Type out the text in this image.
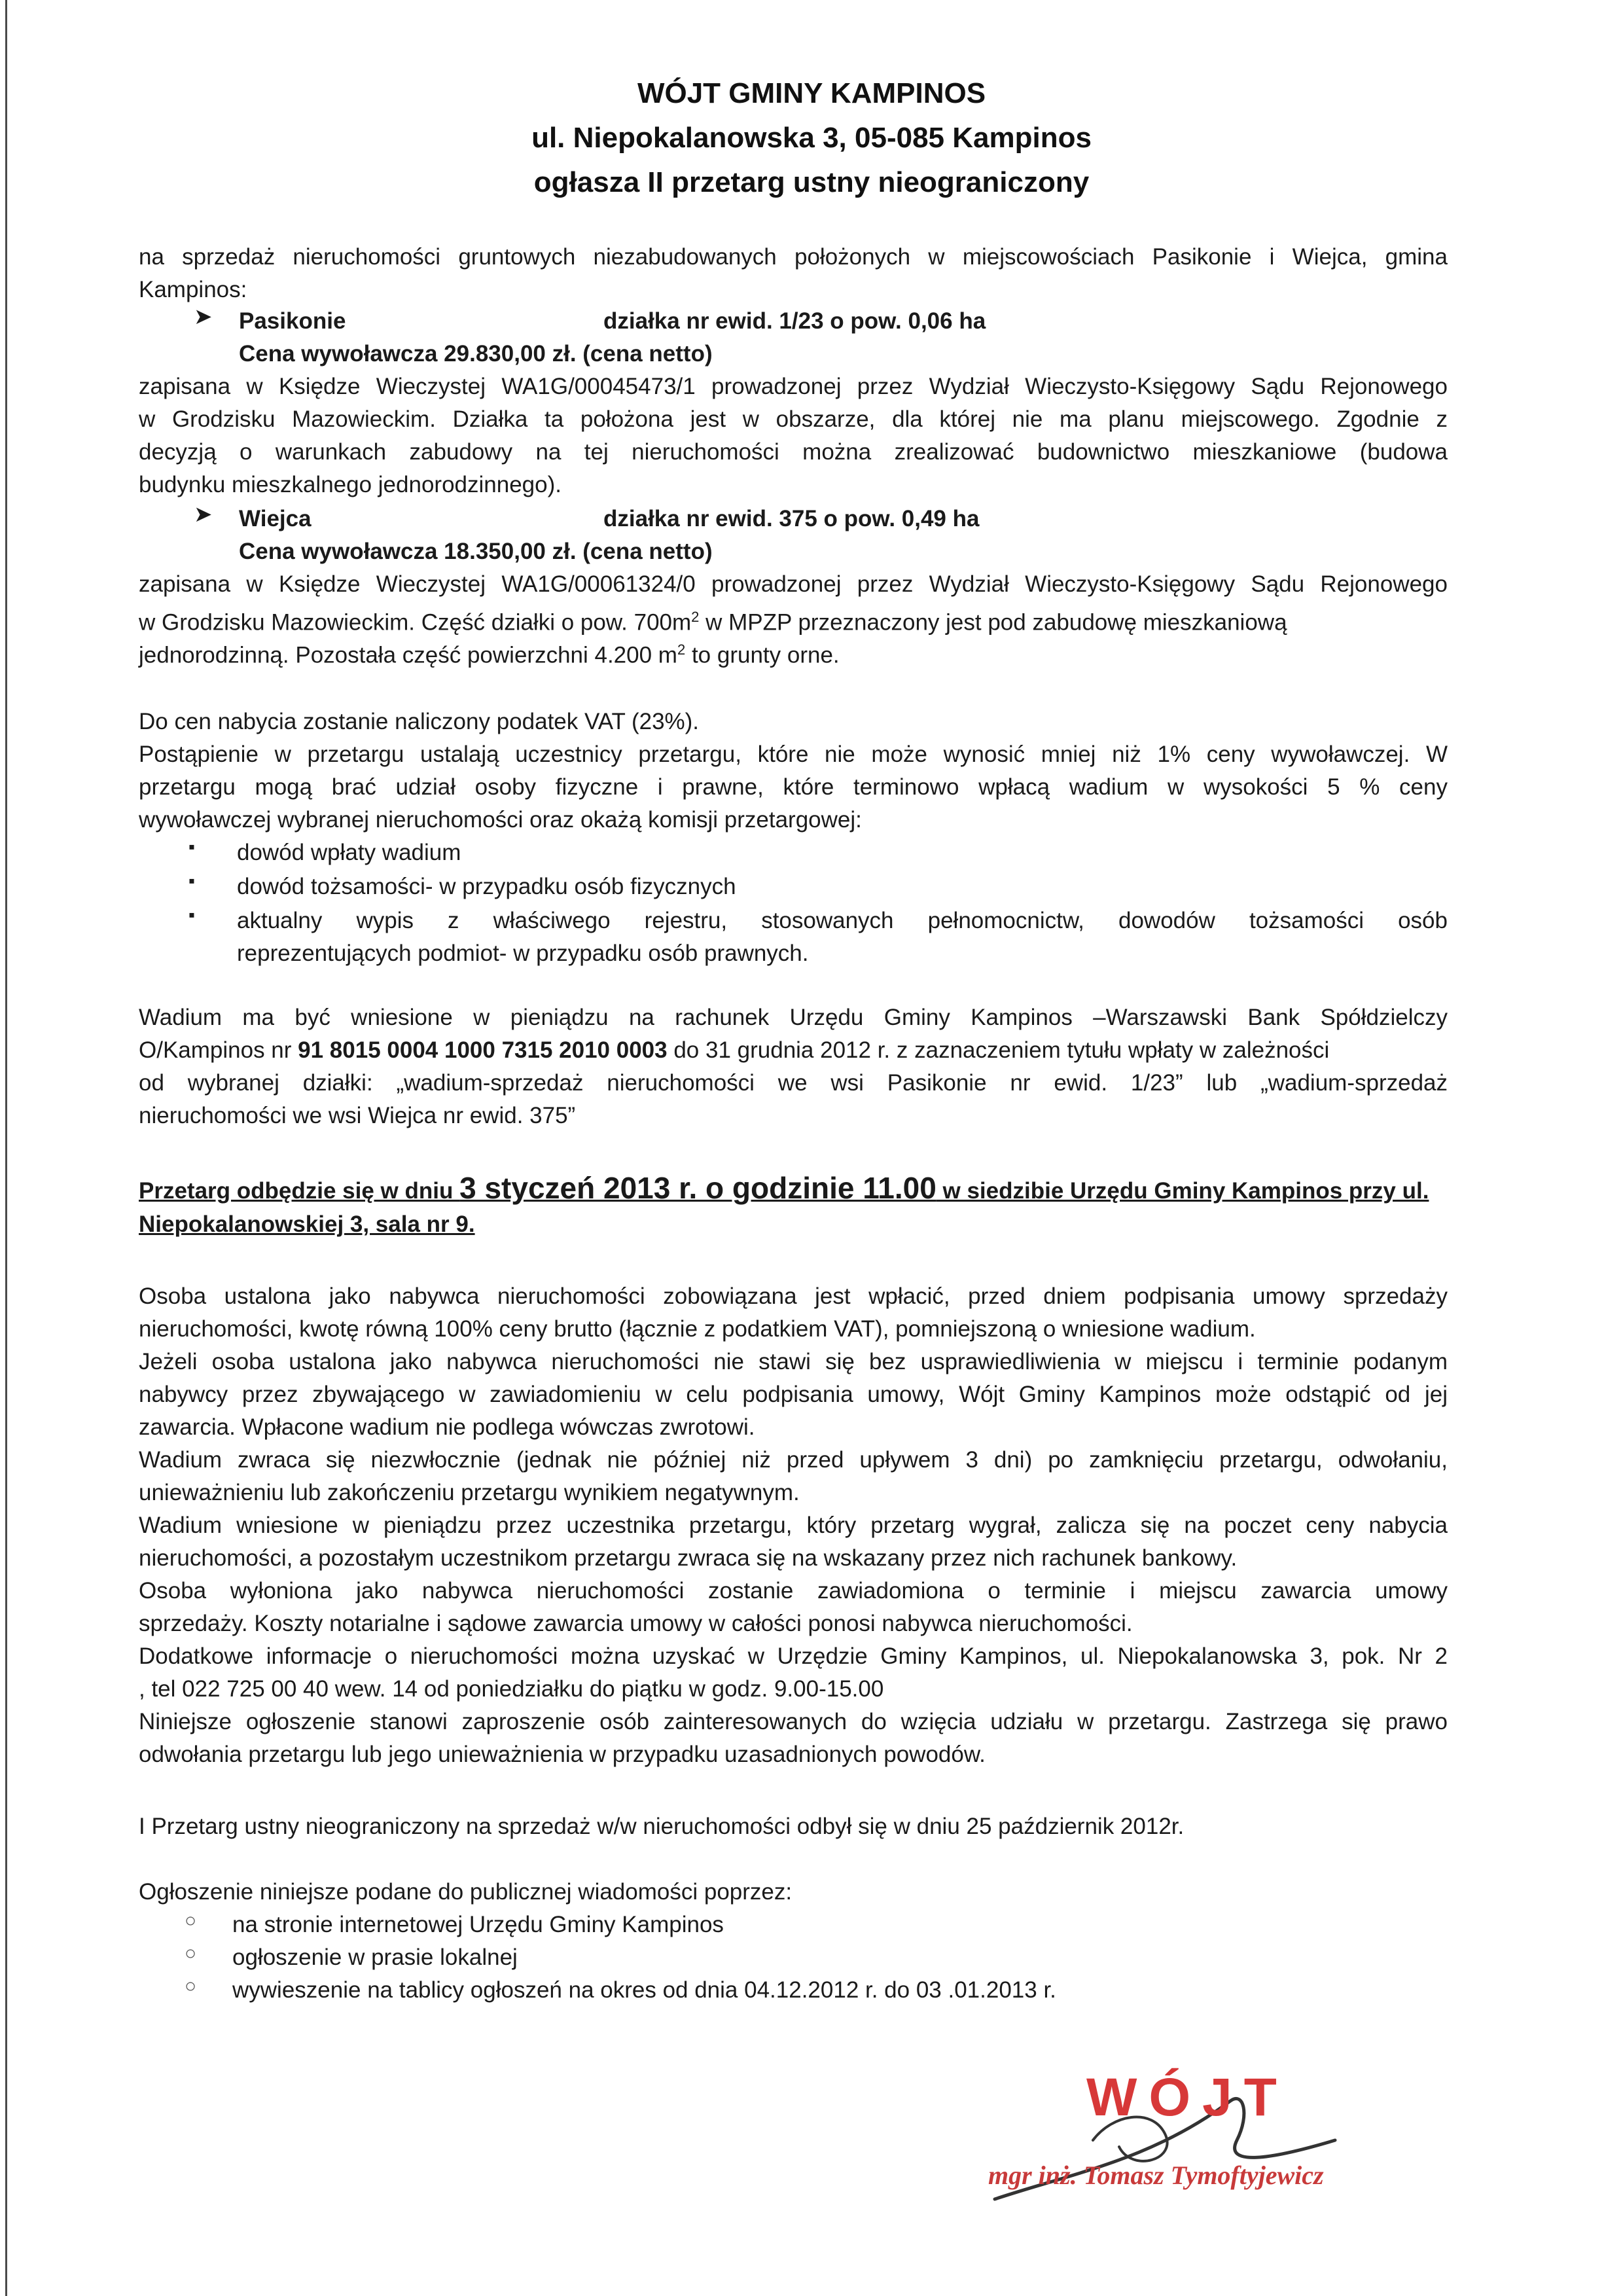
WÓJT GMINY KAMPINOS
ul. Niepokalanowska 3, 05-085 Kampinos
ogłasza II przetarg ustny nieograniczony
na sprzedaż nieruchomości gruntowych niezabudowanych położonych w miejscowościach Pasikonie i Wiejca, gmina
Kampinos:
➤ Pasikonie	działka nr ewid. 1/23 o pow. 0,06 ha
Cena wywoławcza 29.830,00 zł. (cena netto)
zapisana w Księdze Wieczystej WA1G/00045473/1 prowadzonej przez Wydział Wieczysto-Księgowy Sądu Rejonowego
w Grodzisku Mazowieckim. Działka ta położona jest w obszarze, dla której nie ma planu miejscowego. Zgodnie z
decyzją o warunkach zabudowy na tej nieruchomości można zrealizować budownictwo mieszkaniowe (budowa
budynku mieszkalnego jednorodzinnego).
➤ Wiejca	działka nr ewid. 375 o pow. 0,49 ha
Cena wywoławcza 18.350,00 zł. (cena netto)
zapisana w Księdze Wieczystej WA1G/00061324/0 prowadzonej przez Wydział Wieczysto-Księgowy Sądu Rejonowego
w Grodzisku Mazowieckim. Część działki o pow. $700m^2$ w MPZP przeznaczony jest pod zabudowę mieszkaniową
jednorodzinną. Pozostała część powierzchni 4.200 $m^2$ to grunty orne.
Do cen nabycia zostanie naliczony podatek VAT (23%).
Postąpienie w przetargu ustalają uczestnicy przetargu, które nie może wynosić mniej niż 1% ceny wywoławczej. W
przetargu mogą brać udział osoby fizyczne i prawne, które terminowo wpłacą wadium w wysokości 5 % ceny
wywoławczej wybranej nieruchomości oraz okażą komisji przetargowej:
▪ dowód wpłaty wadium
▪ dowód tożsamości- w przypadku osób fizycznych
▪ aktualny wypis z właściwego rejestru, stosowanych pełnomocnictw, dowodów tożsamości osób
reprezentujących podmiot- w przypadku osób prawnych.
Wadium ma być wniesione w pieniądzu na rachunek Urzędu Gminy Kampinos –Warszawski Bank Spółdzielczy
O/Kampinos nr 91 8015 0004 1000 7315 2010 0003 do 31 grudnia 2012 r. z zaznaczeniem tytułu wpłaty w zależności
od wybranej działki: „wadium-sprzedaż nieruchomości we wsi Pasikonie nr ewid. 1/23” lub „wadium-sprzedaż
nieruchomości we wsi Wiejca nr ewid. 375”
Przetarg odbędzie się w dniu 3 styczeń 2013 r. o godzinie 11.00 w siedzibie Urzędu Gminy Kampinos przy ul.
Niepokalanowskiej 3, sala nr 9.
Osoba ustalona jako nabywca nieruchomości zobowiązana jest wpłacić, przed dniem podpisania umowy sprzedaży
nieruchomości, kwotę równą 100% ceny brutto (łącznie z podatkiem VAT), pomniejszoną o wniesione wadium.
Jeżeli osoba ustalona jako nabywca nieruchomości nie stawi się bez usprawiedliwienia w miejscu i terminie podanym
nabywcy przez zbywającego w zawiadomieniu w celu podpisania umowy, Wójt Gminy Kampinos może odstąpić od jej
zawarcia. Wpłacone wadium nie podlega wówczas zwrotowi.
Wadium zwraca się niezwłocznie (jednak nie później niż przed upływem 3 dni) po zamknięciu przetargu, odwołaniu,
unieważnieniu lub zakończeniu przetargu wynikiem negatywnym.
Wadium wniesione w pieniądzu przez uczestnika przetargu, który przetarg wygrał, zalicza się na poczet ceny nabycia
nieruchomości, a pozostałym uczestnikom przetargu zwraca się na wskazany przez nich rachunek bankowy.
Osoba wyłoniona jako nabywca nieruchomości zostanie zawiadomiona o terminie i miejscu zawarcia umowy
sprzedaży. Koszty notarialne i sądowe zawarcia umowy w całości ponosi nabywca nieruchomości.
Dodatkowe informacje o nieruchomości można uzyskać w Urzędzie Gminy Kampinos, ul. Niepokalanowska 3, pok. Nr 2
, tel 022 725 00 40 wew. 14 od poniedziałku do piątku w godz. 9.00-15.00
Niniejsze ogłoszenie stanowi zaproszenie osób zainteresowanych do wzięcia udziału w przetargu. Zastrzega się prawo
odwołania przetargu lub jego unieważnienia w przypadku uzasadnionych powodów.
I Przetarg ustny nieograniczony na sprzedaż w/w nieruchomości odbył się w dniu 25 październik 2012r.
Ogłoszenie niniejsze podane do publicznej wiadomości poprzez:
○ na stronie internetowej Urzędu Gminy Kampinos
○ ogłoszenie w prasie lokalnej
○ wywieszenie na tablicy ogłoszeń na okres od dnia 04.12.2012 r. do 03 .01.2013 r.
WÓJT
mgr inż. Tomasz Tymoftyjewicz
